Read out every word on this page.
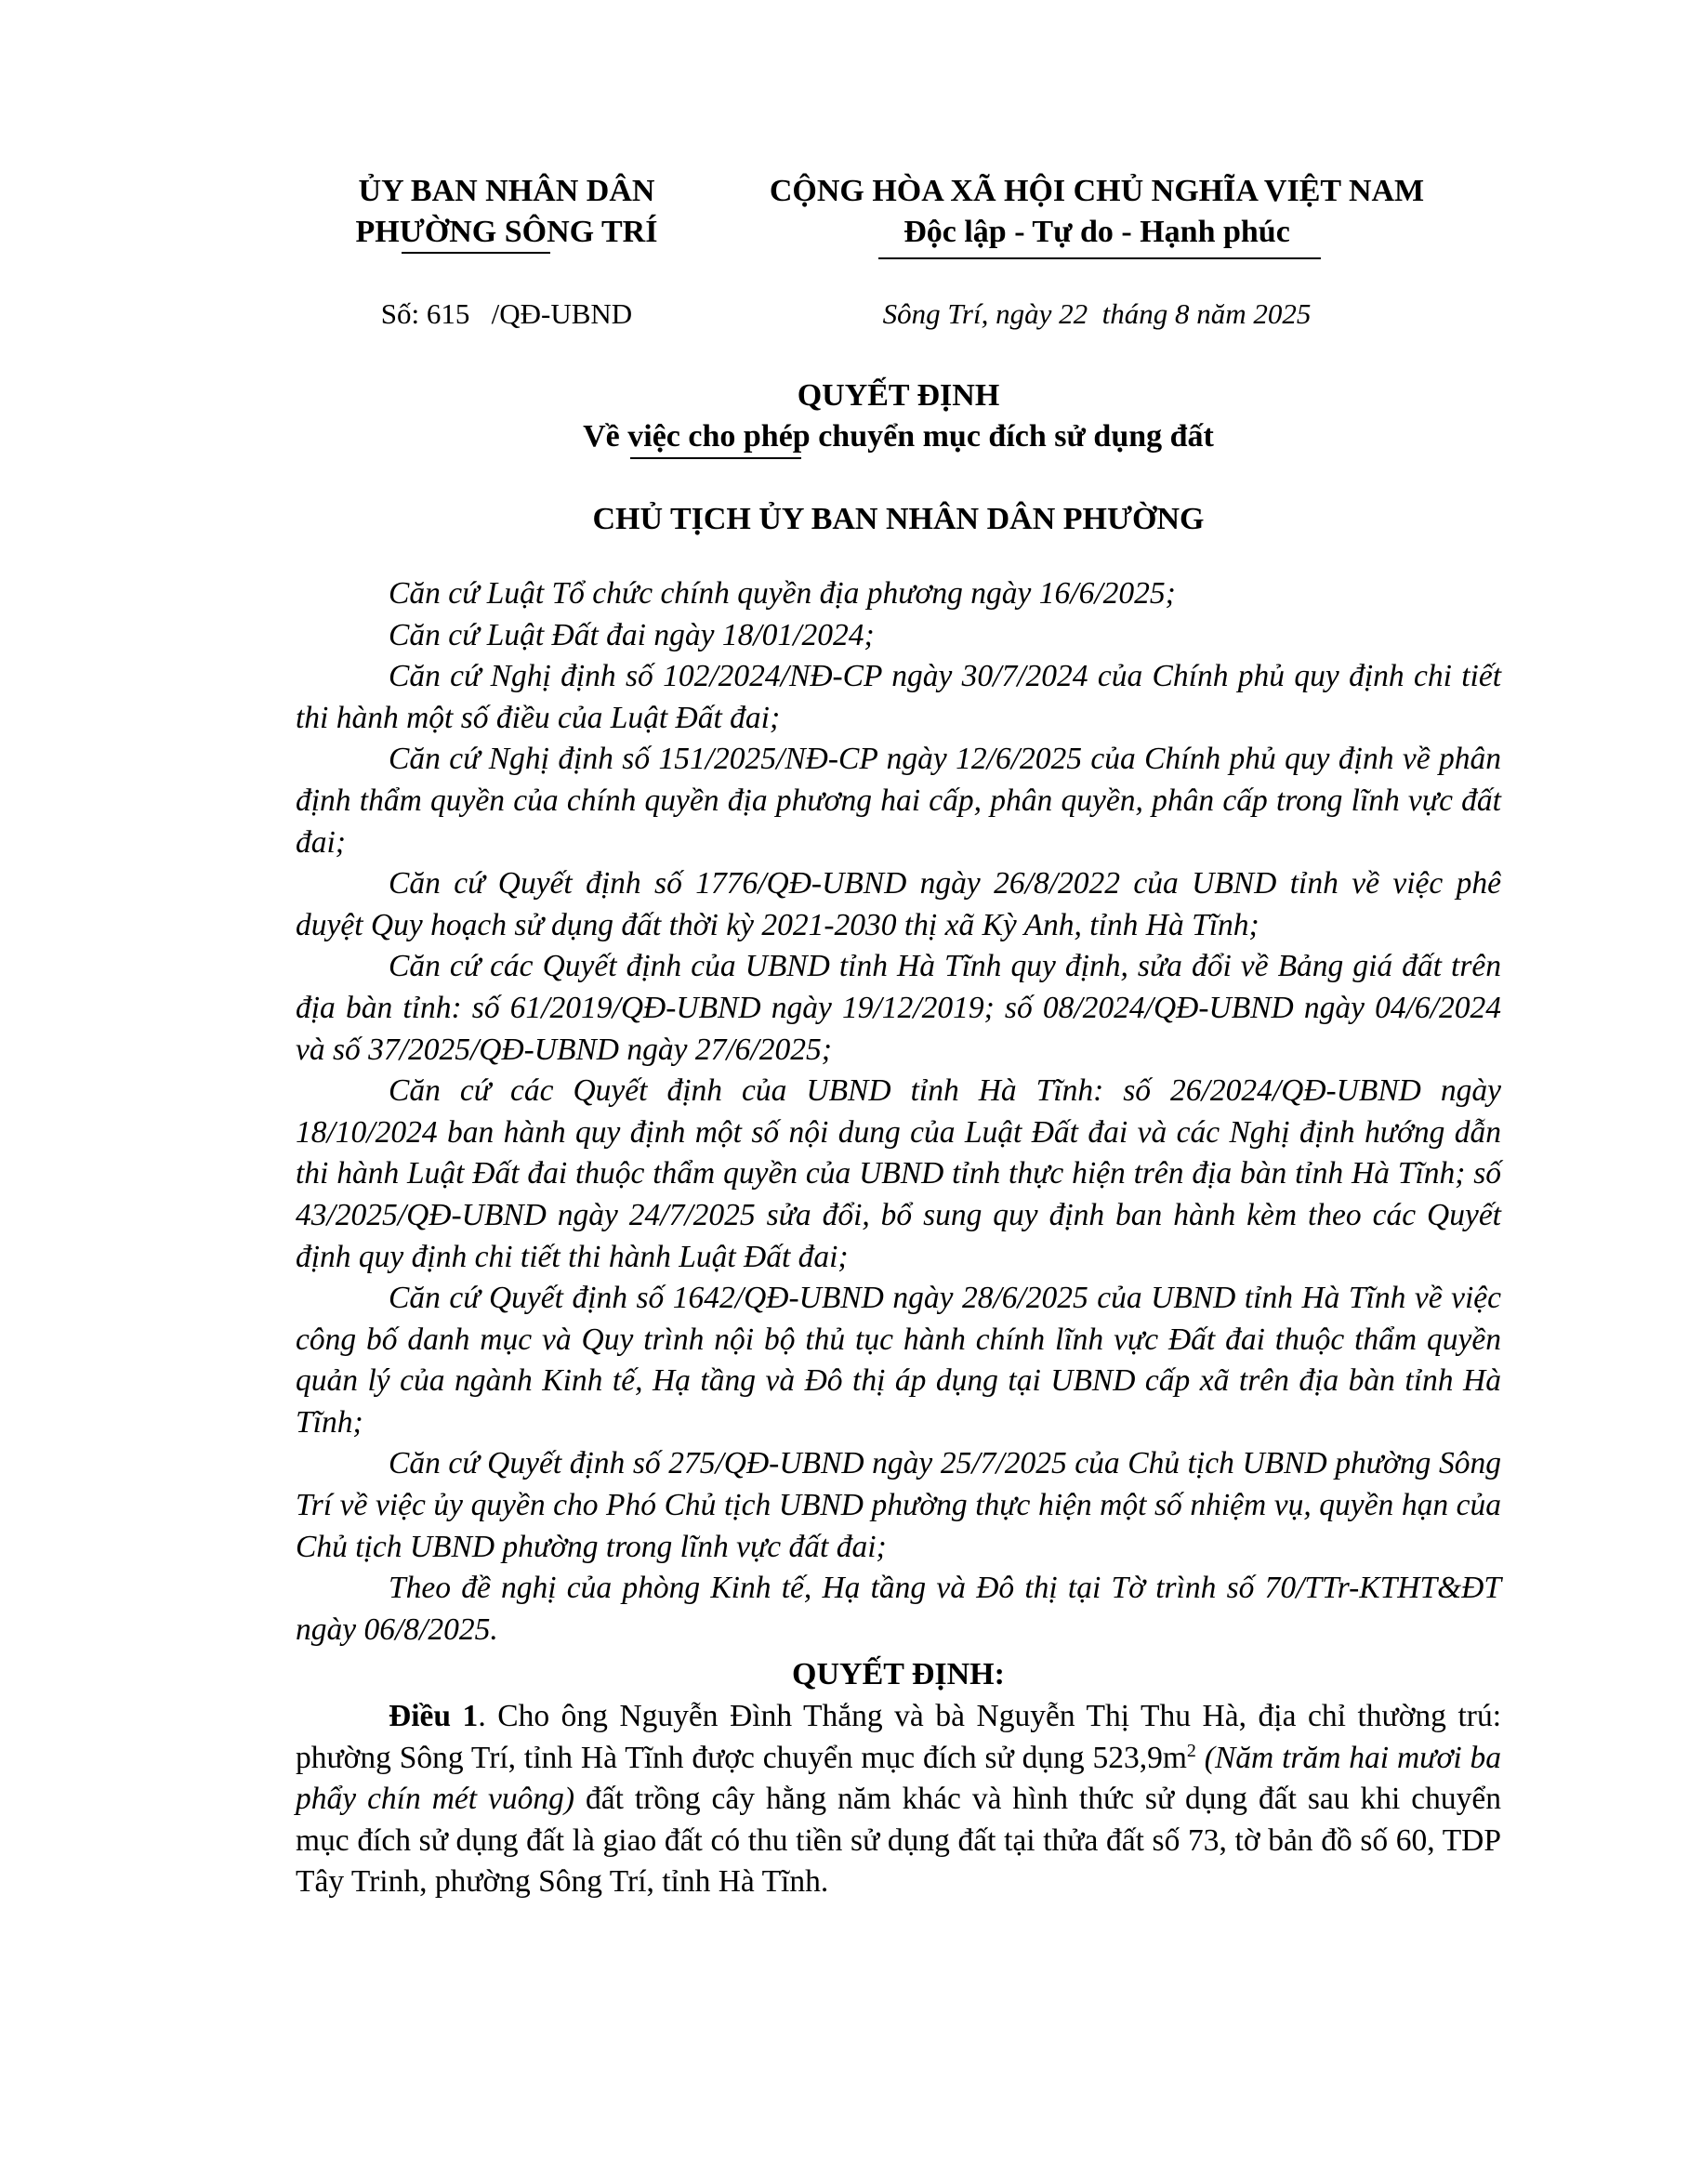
ỦY BAN NHÂN DÂN
PHƯỜNG SÔNG TRÍ
CỘNG HÒA XÃ HỘI CHỦ NGHĨA VIỆT NAM
Độc lập - Tự do - Hạnh phúc
Số: 615   /QĐ-UBND	Sông Trí, ngày 22  tháng 8 năm 2025
QUYẾT ĐỊNH
Về việc cho phép chuyển mục đích sử dụng đất
CHỦ TỊCH ỦY BAN NHÂN DÂN PHƯỜNG

Căn cứ Luật Tổ chức chính quyền địa phương ngày 16/6/2025;

Căn cứ Luật Đất đai ngày 18/01/2024;

Căn cứ Nghị định số 102/2024/NĐ-CP ngày 30/7/2024 của Chính phủ quy định chi tiết thi hành một số điều của Luật Đất đai;

Căn cứ Nghị định số 151/2025/NĐ-CP ngày 12/6/2025 của Chính phủ quy định về phân định thẩm quyền của chính quyền địa phương hai cấp, phân quyền, phân cấp trong lĩnh vực đất đai;

Căn cứ Quyết định số 1776/QĐ-UBND ngày 26/8/2022 của UBND tỉnh về việc phê duyệt Quy hoạch sử dụng đất thời kỳ 2021-2030 thị xã Kỳ Anh, tỉnh Hà Tĩnh;

Căn cứ các Quyết định của UBND tỉnh Hà Tĩnh quy định, sửa đổi về Bảng giá đất trên địa bàn tỉnh: số 61/2019/QĐ-UBND ngày 19/12/2019; số 08/2024/QĐ-UBND ngày 04/6/2024 và số 37/2025/QĐ-UBND ngày 27/6/2025;

Căn cứ các Quyết định của UBND tỉnh Hà Tĩnh: số 26/2024/QĐ-UBND ngày 18/10/2024 ban hành quy định một số nội dung của Luật Đất đai và các Nghị định hướng dẫn thi hành Luật Đất đai thuộc thẩm quyền của UBND tỉnh thực hiện trên địa bàn tỉnh Hà Tĩnh; số 43/2025/QĐ-UBND ngày 24/7/2025 sửa đổi, bổ sung quy định ban hành kèm theo các Quyết định quy định chi tiết thi hành Luật Đất đai;

Căn cứ Quyết định số 1642/QĐ-UBND ngày 28/6/2025 của UBND tỉnh Hà Tĩnh về việc công bố danh mục và Quy trình nội bộ thủ tục hành chính lĩnh vực Đất đai thuộc thẩm quyền quản lý của ngành Kinh tế, Hạ tầng và Đô thị áp dụng tại UBND cấp xã trên địa bàn tỉnh Hà Tĩnh;

Căn cứ Quyết định số 275/QĐ-UBND ngày 25/7/2025 của Chủ tịch UBND phường Sông Trí về việc ủy quyền cho Phó Chủ tịch UBND phường thực hiện một số nhiệm vụ, quyền hạn của Chủ tịch UBND phường trong lĩnh vực đất đai;

Theo đề nghị của phòng Kinh tế, Hạ tầng và Đô thị tại Tờ trình số 70/TTr-KTHT&ĐT ngày 06/8/2025.

QUYẾT ĐỊNH:

Điều 1. Cho ông Nguyễn Đình Thắng và bà Nguyễn Thị Thu Hà, địa chỉ thường trú: phường Sông Trí, tỉnh Hà Tĩnh được chuyển mục đích sử dụng $523,9m^2$ (Năm trăm hai mươi ba phẩy chín mét vuông) đất trồng cây hằng năm khác và hình thức sử dụng đất sau khi chuyển mục đích sử dụng đất là giao đất có thu tiền sử dụng đất tại thửa đất số 73, tờ bản đồ số 60, TDP Tây Trinh, phường Sông Trí, tỉnh Hà Tĩnh.
